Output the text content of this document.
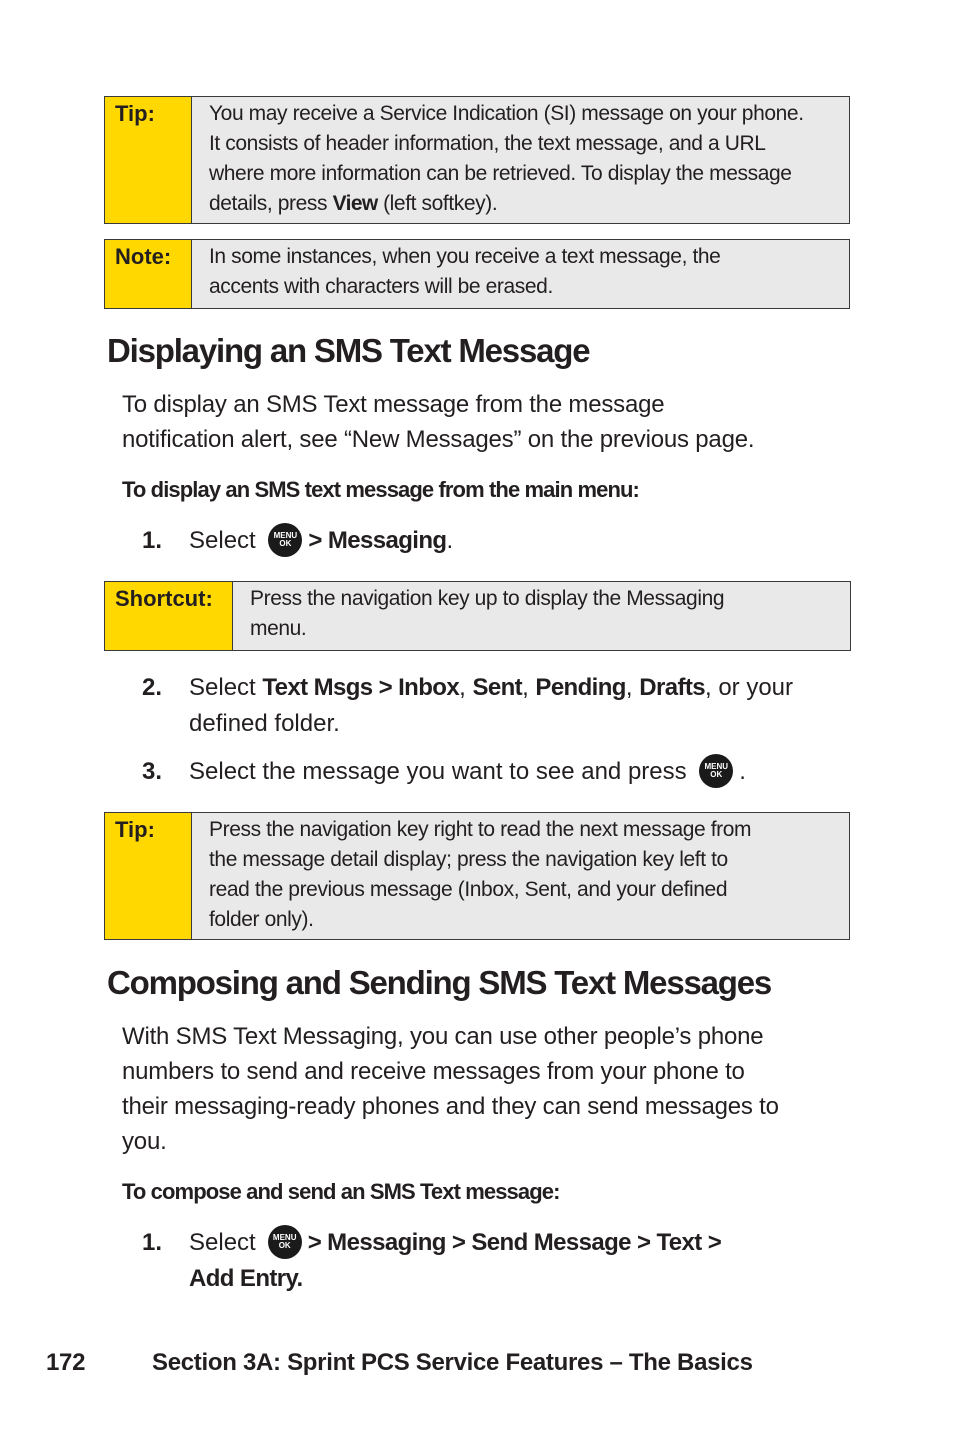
Tip:	You may receive a Service Indication (SI) message on your phone.
It consists of header information, the text message, and a URL
where more information can be retrieved. To display the message
details, press View (left softkey).
Note:	In some instances, when you receive a text message, the
accents with characters will be erased.
Displaying an SMS Text Message
To display an SMS Text message from the message
notification alert, see “New Messages” on the previous page.
To display an SMS text message from the main menu:
1. Select MENU
OK > Messaging.
Shortcut:	Press the navigation key up to display the Messaging
menu.
2. Select Text Msgs > Inbox, Sent, Pending, Drafts, or your
defined folder.
3. Select the message you want to see and press MENU
OK .
Tip:	Press the navigation key right to read the next message from
the message detail display; press the navigation key left to
read the previous message (Inbox, Sent, and your defined
folder only).
Composing and Sending SMS Text Messages
With SMS Text Messaging, you can use other people’s phone
numbers to send and receive messages from your phone to
their messaging-ready phones and they can send messages to
you.
To compose and send an SMS Text message:
1. Select MENU
OK > Messaging > Send Message > Text >
Add Entry.
172	Section 3A: Sprint PCS Service Features – The Basics
